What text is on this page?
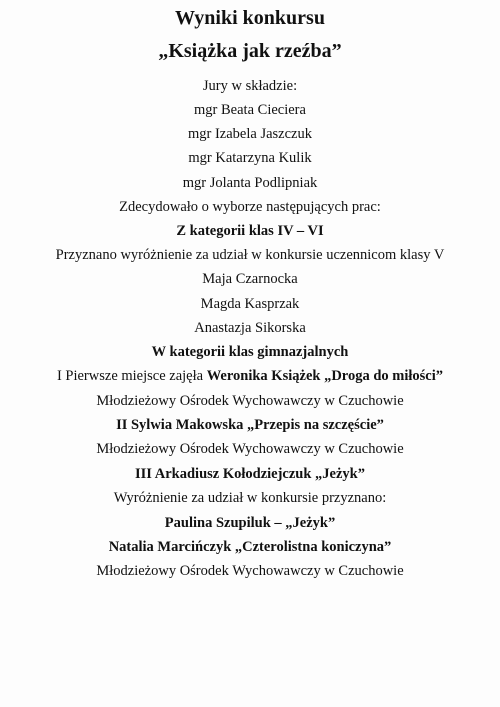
Wyniki konkursu
„Książka jak rzeźba”
Jury w składzie:
mgr Beata Cieciera
mgr Izabela Jaszczuk
mgr Katarzyna Kulik
mgr Jolanta Podlipniak
Zdecydowało o wyborze następujących prac:
Z kategorii klas IV – VI
Przyznano wyróżnienie za udział w konkursie uczennicom klasy V
Maja Czarnocka
Magda Kasprzak
Anastazja Sikorska
W kategorii klas gimnazjalnych
I Pierwsze miejsce zajęła Weronika Książek „Droga do miłości”
Młodzieżowy Ośrodek Wychowawczy w Czuchowie
II Sylwia Makowska „Przepis na szczęście”
Młodzieżowy Ośrodek Wychowawczy w Czuchowie
III Arkadiusz Kołodziejczuk „Jeżyk”
Wyróżnienie za udział w konkursie przyznano:
Paulina Szupiluk – „Jeżyk”
Natalia Marcińczyk „Czterolistna koniczyna”
Młodzieżowy Ośrodek Wychowawczy w Czuchowie
